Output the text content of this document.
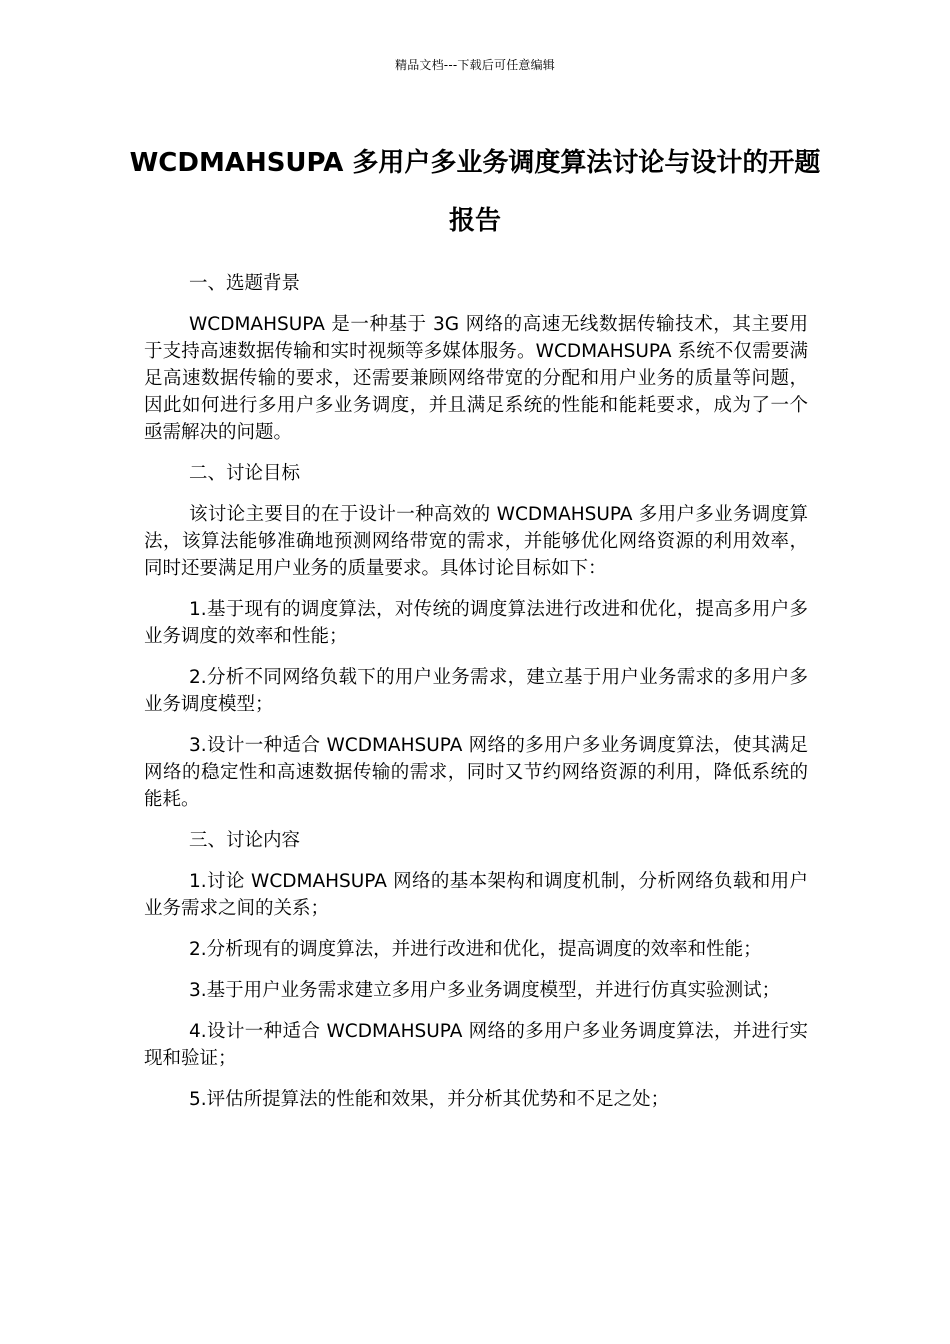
精品文档---下载后可任意编辑
WCDMAHSUPA 多用户多业务调度算法讨论与设计的开题报告

一、选题背景

WCDMAHSUPA 是一种基于 3G 网络的高速无线数据传输技术，其主要用于支持高速数据传输和实时视频等多媒体服务。WCDMAHSUPA 系统不仅需要满足高速数据传输的要求，还需要兼顾网络带宽的分配和用户业务的质量等问题，因此如何进行多用户多业务调度，并且满足系统的性能和能耗要求，成为了一个亟需解决的问题。

二、讨论目标

该讨论主要目的在于设计一种高效的 WCDMAHSUPA 多用户多业务调度算法，该算法能够准确地预测网络带宽的需求，并能够优化网络资源的利用效率，同时还要满足用户业务的质量要求。具体讨论目标如下：

1.基于现有的调度算法，对传统的调度算法进行改进和优化，提高多用户多业务调度的效率和性能；

2.分析不同网络负载下的用户业务需求，建立基于用户业务需求的多用户多业务调度模型；

3.设计一种适合 WCDMAHSUPA 网络的多用户多业务调度算法，使其满足网络的稳定性和高速数据传输的需求，同时又节约网络资源的利用，降低系统的能耗。

三、讨论内容

1.讨论 WCDMAHSUPA 网络的基本架构和调度机制，分析网络负载和用户业务需求之间的关系；

2.分析现有的调度算法，并进行改进和优化，提高调度的效率和性能；

3.基于用户业务需求建立多用户多业务调度模型，并进行仿真实验测试；

4.设计一种适合 WCDMAHSUPA 网络的多用户多业务调度算法，并进行实现和验证；

5.评估所提算法的性能和效果，并分析其优势和不足之处；
